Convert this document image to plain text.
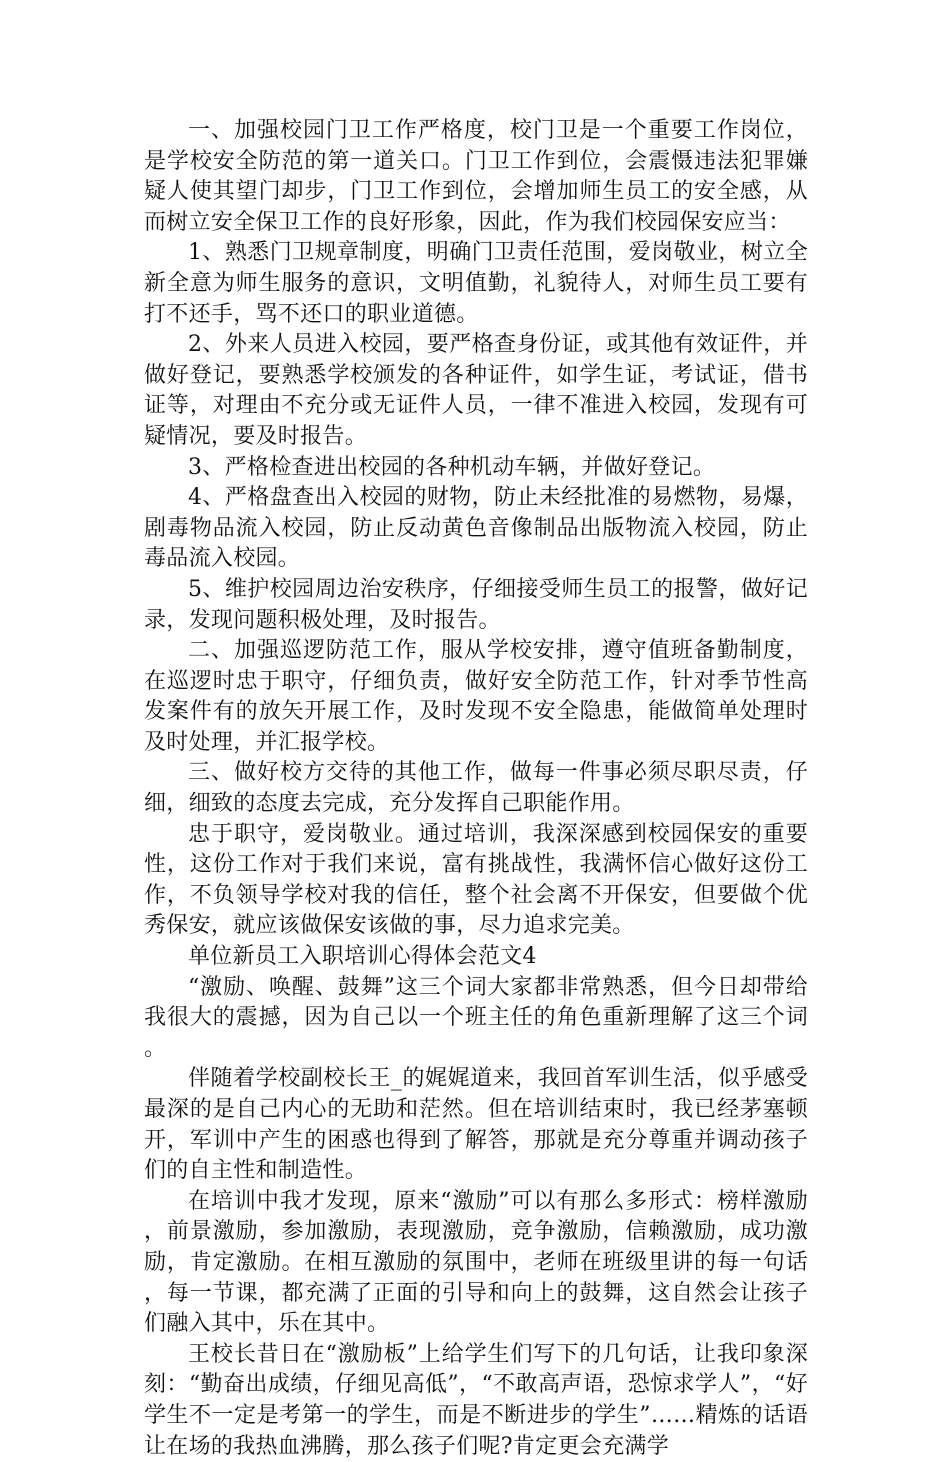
一、加强校园门卫工作严格度，校门卫是一个重要工作岗位，是学校安全防范的第一道关口。门卫工作到位，会震慑违法犯罪嫌疑人使其望门却步，门卫工作到位，会增加师生员工的安全感，从而树立安全保卫工作的良好形象，因此，作为我们校园保安应当：

1、熟悉门卫规章制度，明确门卫责任范围，爱岗敬业，树立全新全意为师生服务的意识，文明值勤，礼貌待人，对师生员工要有打不还手，骂不还口的职业道德。

2、外来人员进入校园，要严格查身份证，或其他有效证件，并做好登记，要熟悉学校颁发的各种证件，如学生证，考试证，借书证等，对理由不充分或无证件人员，一律不准进入校园，发现有可疑情况，要及时报告。

3、严格检查进出校园的各种机动车辆，并做好登记。

4、严格盘查出入校园的财物，防止未经批准的易燃物，易爆，剧毒物品流入校园，防止反动黄色音像制品出版物流入校园，防止毒品流入校园。

5、维护校园周边治安秩序，仔细接受师生员工的报警，做好记录，发现问题积极处理，及时报告。

二、加强巡逻防范工作，服从学校安排，遵守值班备勤制度，在巡逻时忠于职守，仔细负责，做好安全防范工作，针对季节性高发案件有的放矢开展工作，及时发现不安全隐患，能做简单处理时及时处理，并汇报学校。

三、做好校方交待的其他工作，做每一件事必须尽职尽责，仔细，细致的态度去完成，充分发挥自己职能作用。

忠于职守，爱岗敬业。通过培训，我深深感到校园保安的重要性，这份工作对于我们来说，富有挑战性，我满怀信心做好这份工作，不负领导学校对我的信任，整个社会离不开保安，但要做个优秀保安，就应该做保安该做的事，尽力追求完美。

单位新员工入职培训心得体会范文4

“激励、唤醒、鼓舞”这三个词大家都非常熟悉，但今日却带给我很大的震撼，因为自己以一个班主任的角色重新理解了这三个词。

伴随着学校副校长王_的娓娓道来，我回首军训生活，似乎感受最深的是自己内心的无助和茫然。但在培训结束时，我已经茅塞顿开，军训中产生的困惑也得到了解答，那就是充分尊重并调动孩子们的自主性和制造性。

在培训中我才发现，原来“激励”可以有那么多形式：榜样激励，前景激励，参加激励，表现激励，竞争激励，信赖激励，成功激励，肯定激励。在相互激励的氛围中，老师在班级里讲的每一句话，每一节课，都充满了正面的引导和向上的鼓舞，这自然会让孩子们融入其中，乐在其中。

王校长昔日在“激励板”上给学生们写下的几句话，让我印象深刻：“勤奋出成绩，仔细见高低”，“不敢高声语，恐惊求学人”，“好学生不一定是考第一的学生，而是不断进步的学生”……精炼的话语让在场的我热血沸腾，那么孩子们呢?肯定更会充满学
